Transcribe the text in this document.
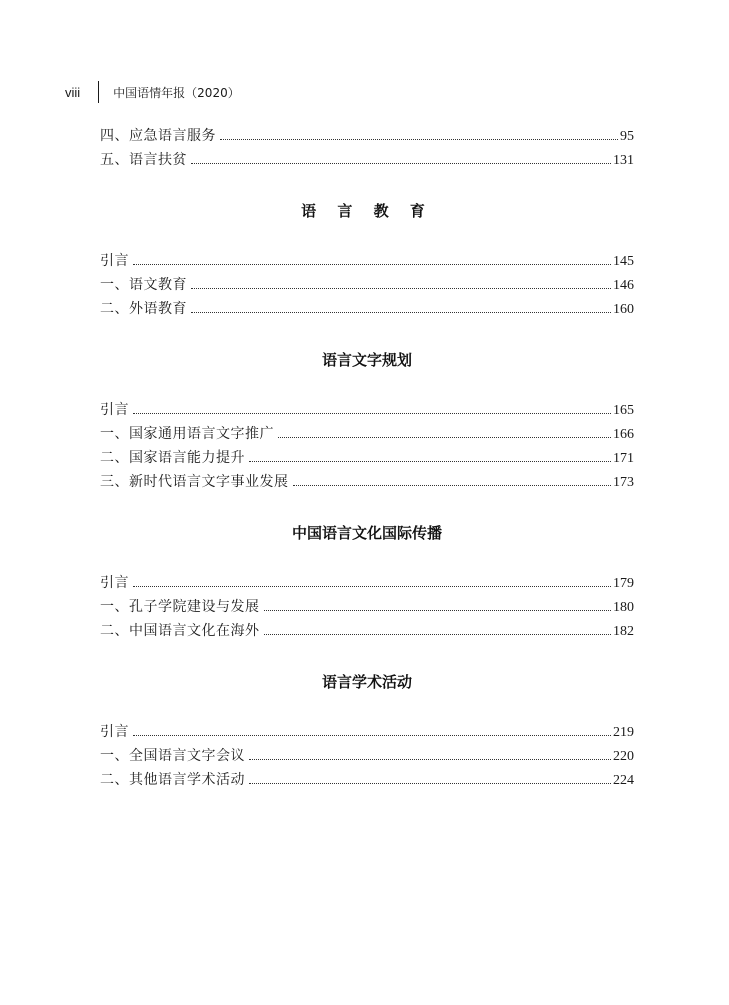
viii	中国语情年报（2020）
四、应急语言服务	95
五、语言扶贫	131
语 言 教 育
引言	145
一、语文教育	146
二、外语教育	160
语言文字规划
引言	165
一、国家通用语言文字推广	166
二、国家语言能力提升	171
三、新时代语言文字事业发展	173
中国语言文化国际传播
引言	179
一、孔子学院建设与发展	180
二、中国语言文化在海外	182
语言学术活动
引言	219
一、全国语言文字会议	220
二、其他语言学术活动	224
